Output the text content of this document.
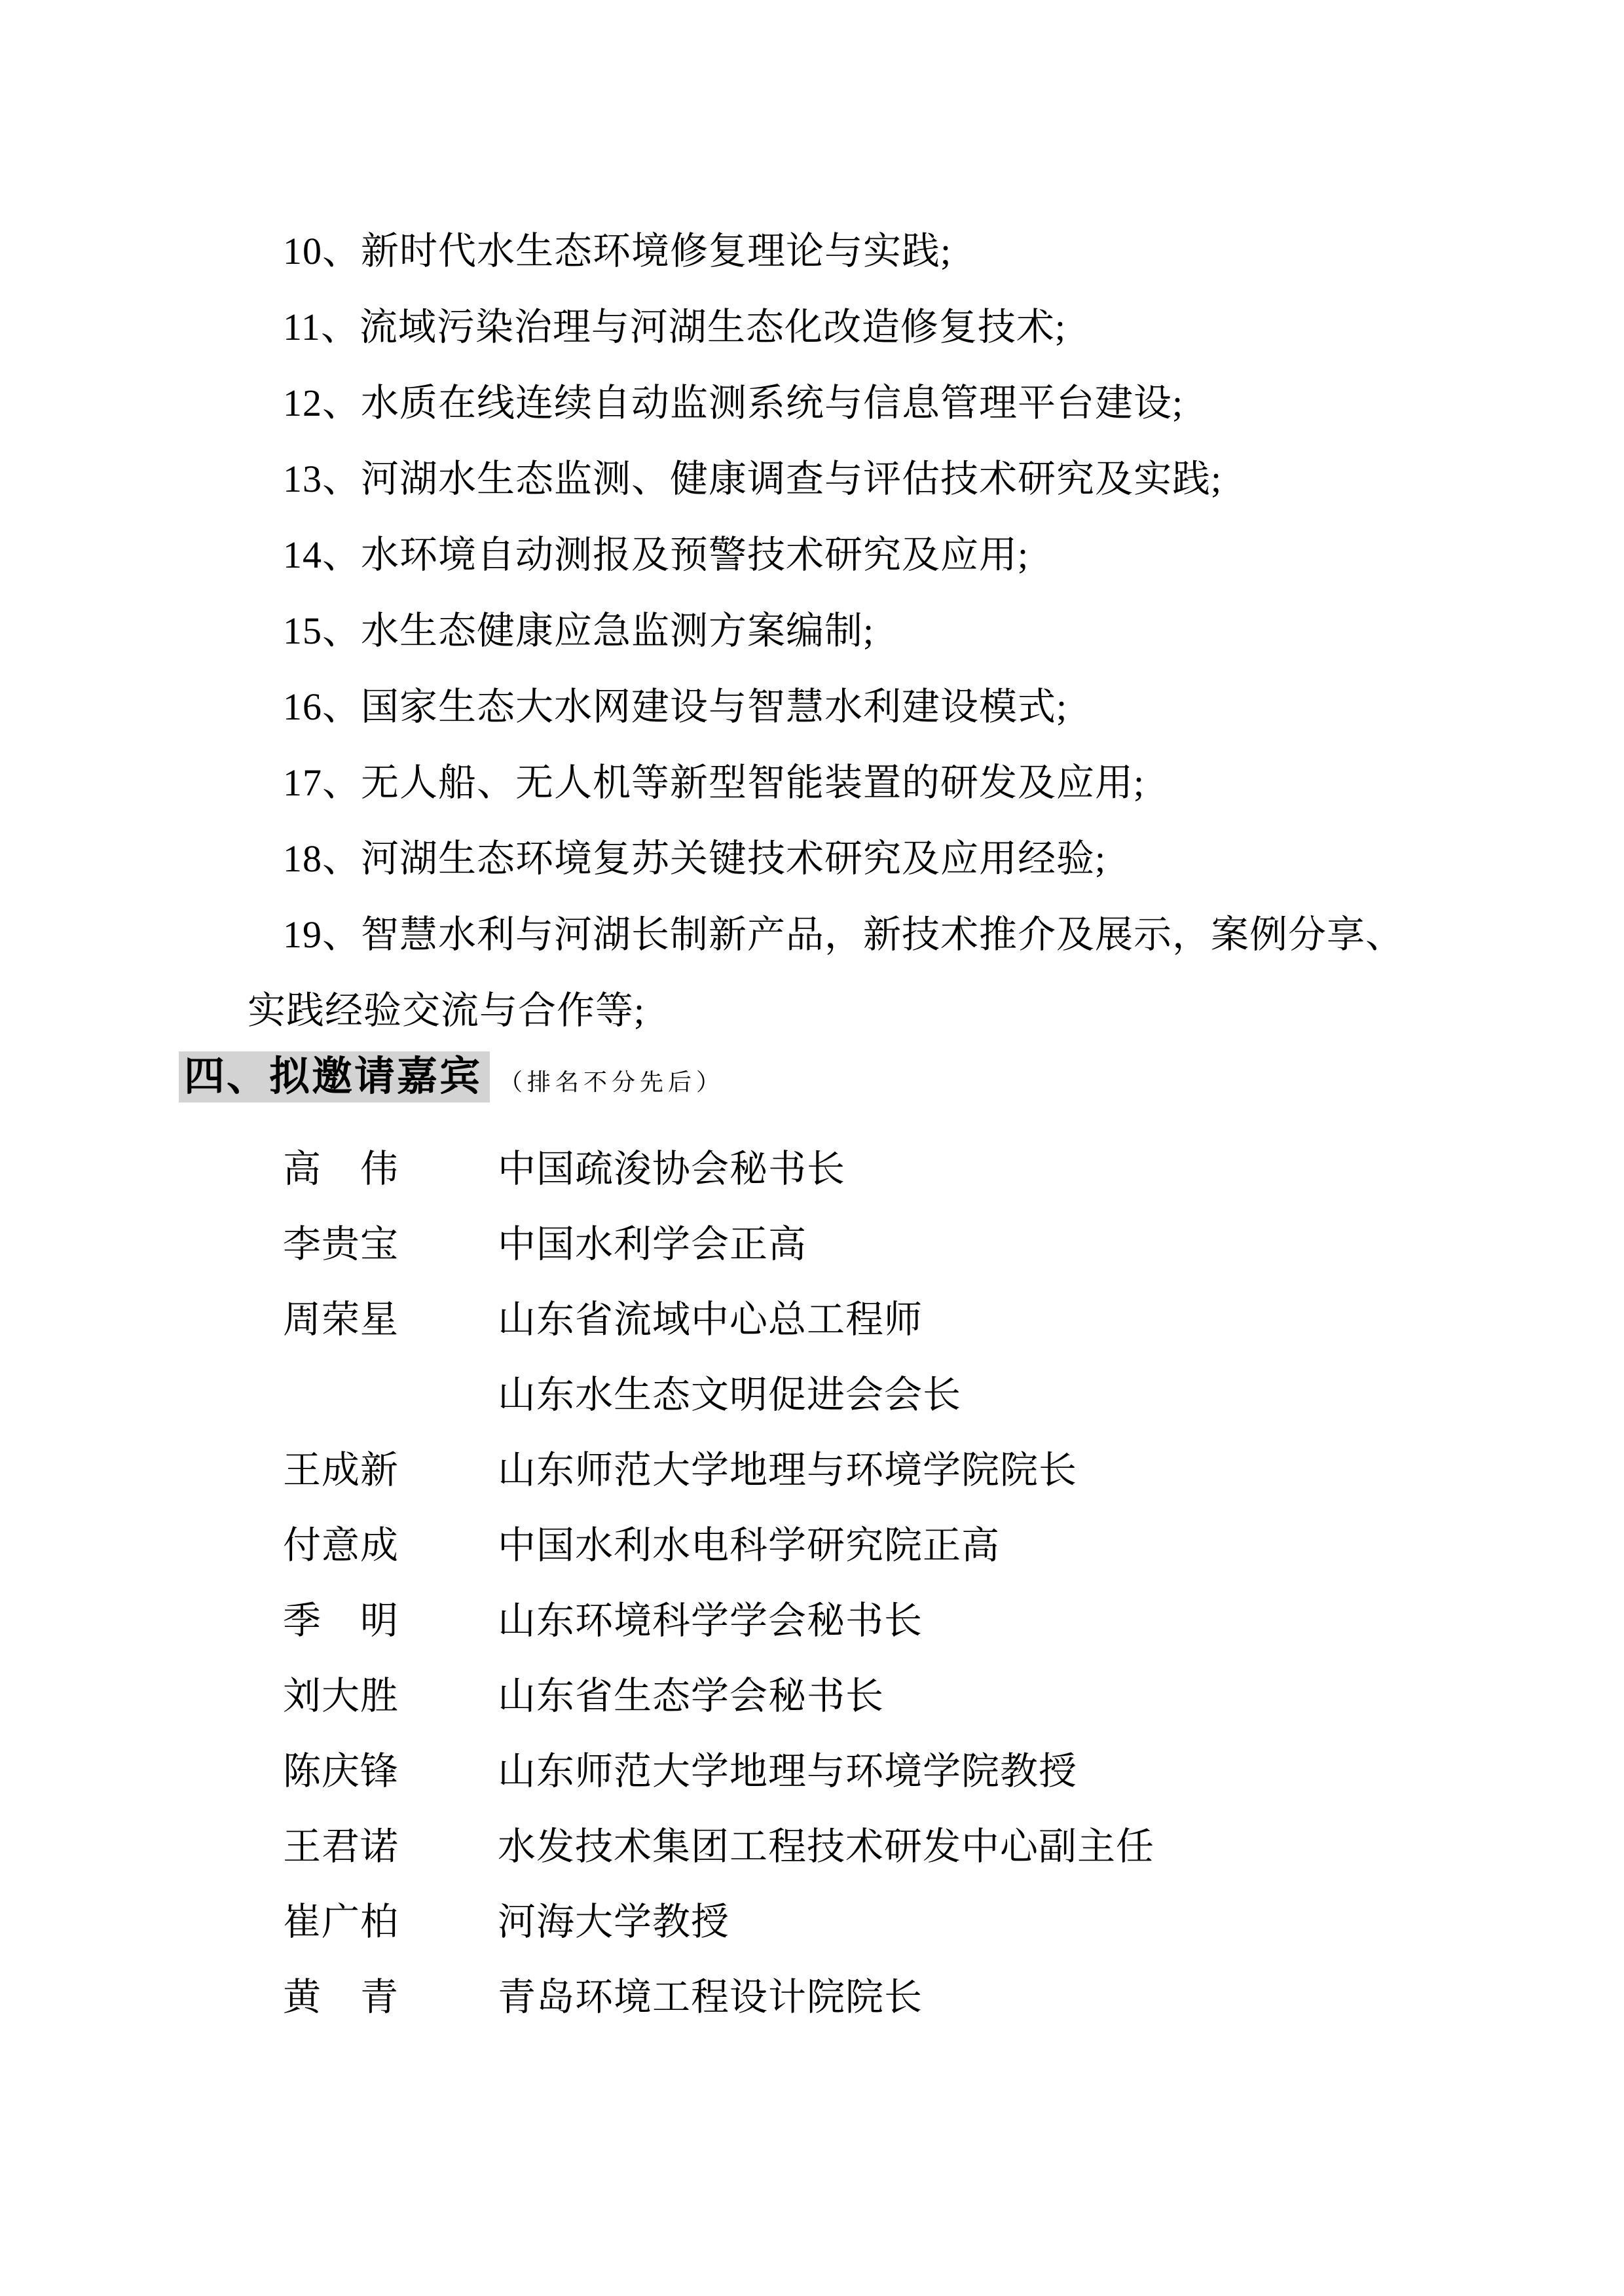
10、新时代水生态环境修复理论与实践;
11、流域污染治理与河湖生态化改造修复技术;
12、水质在线连续自动监测系统与信息管理平台建设;
13、河湖水生态监测、健康调查与评估技术研究及实践;
14、水环境自动测报及预警技术研究及应用;
15、水生态健康应急监测方案编制;
16、国家生态大水网建设与智慧水利建设模式;
17、无人船、无人机等新型智能装置的研发及应用;
18、河湖生态环境复苏关键技术研究及应用经验;
19、智慧水利与河湖长制新产品，新技术推介及展示，案例分享、
实践经验交流与合作等;
四、拟邀请嘉宾 （排名不分先后）
高　伟	中国疏浚协会秘书长
李贵宝	中国水利学会正高
周荣星	山东省流域中心总工程师
山东水生态文明促进会会长
王成新	山东师范大学地理与环境学院院长
付意成	中国水利水电科学研究院正高
季　明	山东环境科学学会秘书长
刘大胜	山东省生态学会秘书长
陈庆锋	山东师范大学地理与环境学院教授
王君诺	水发技术集团工程技术研发中心副主任
崔广柏	河海大学教授
黄　青	青岛环境工程设计院院长
